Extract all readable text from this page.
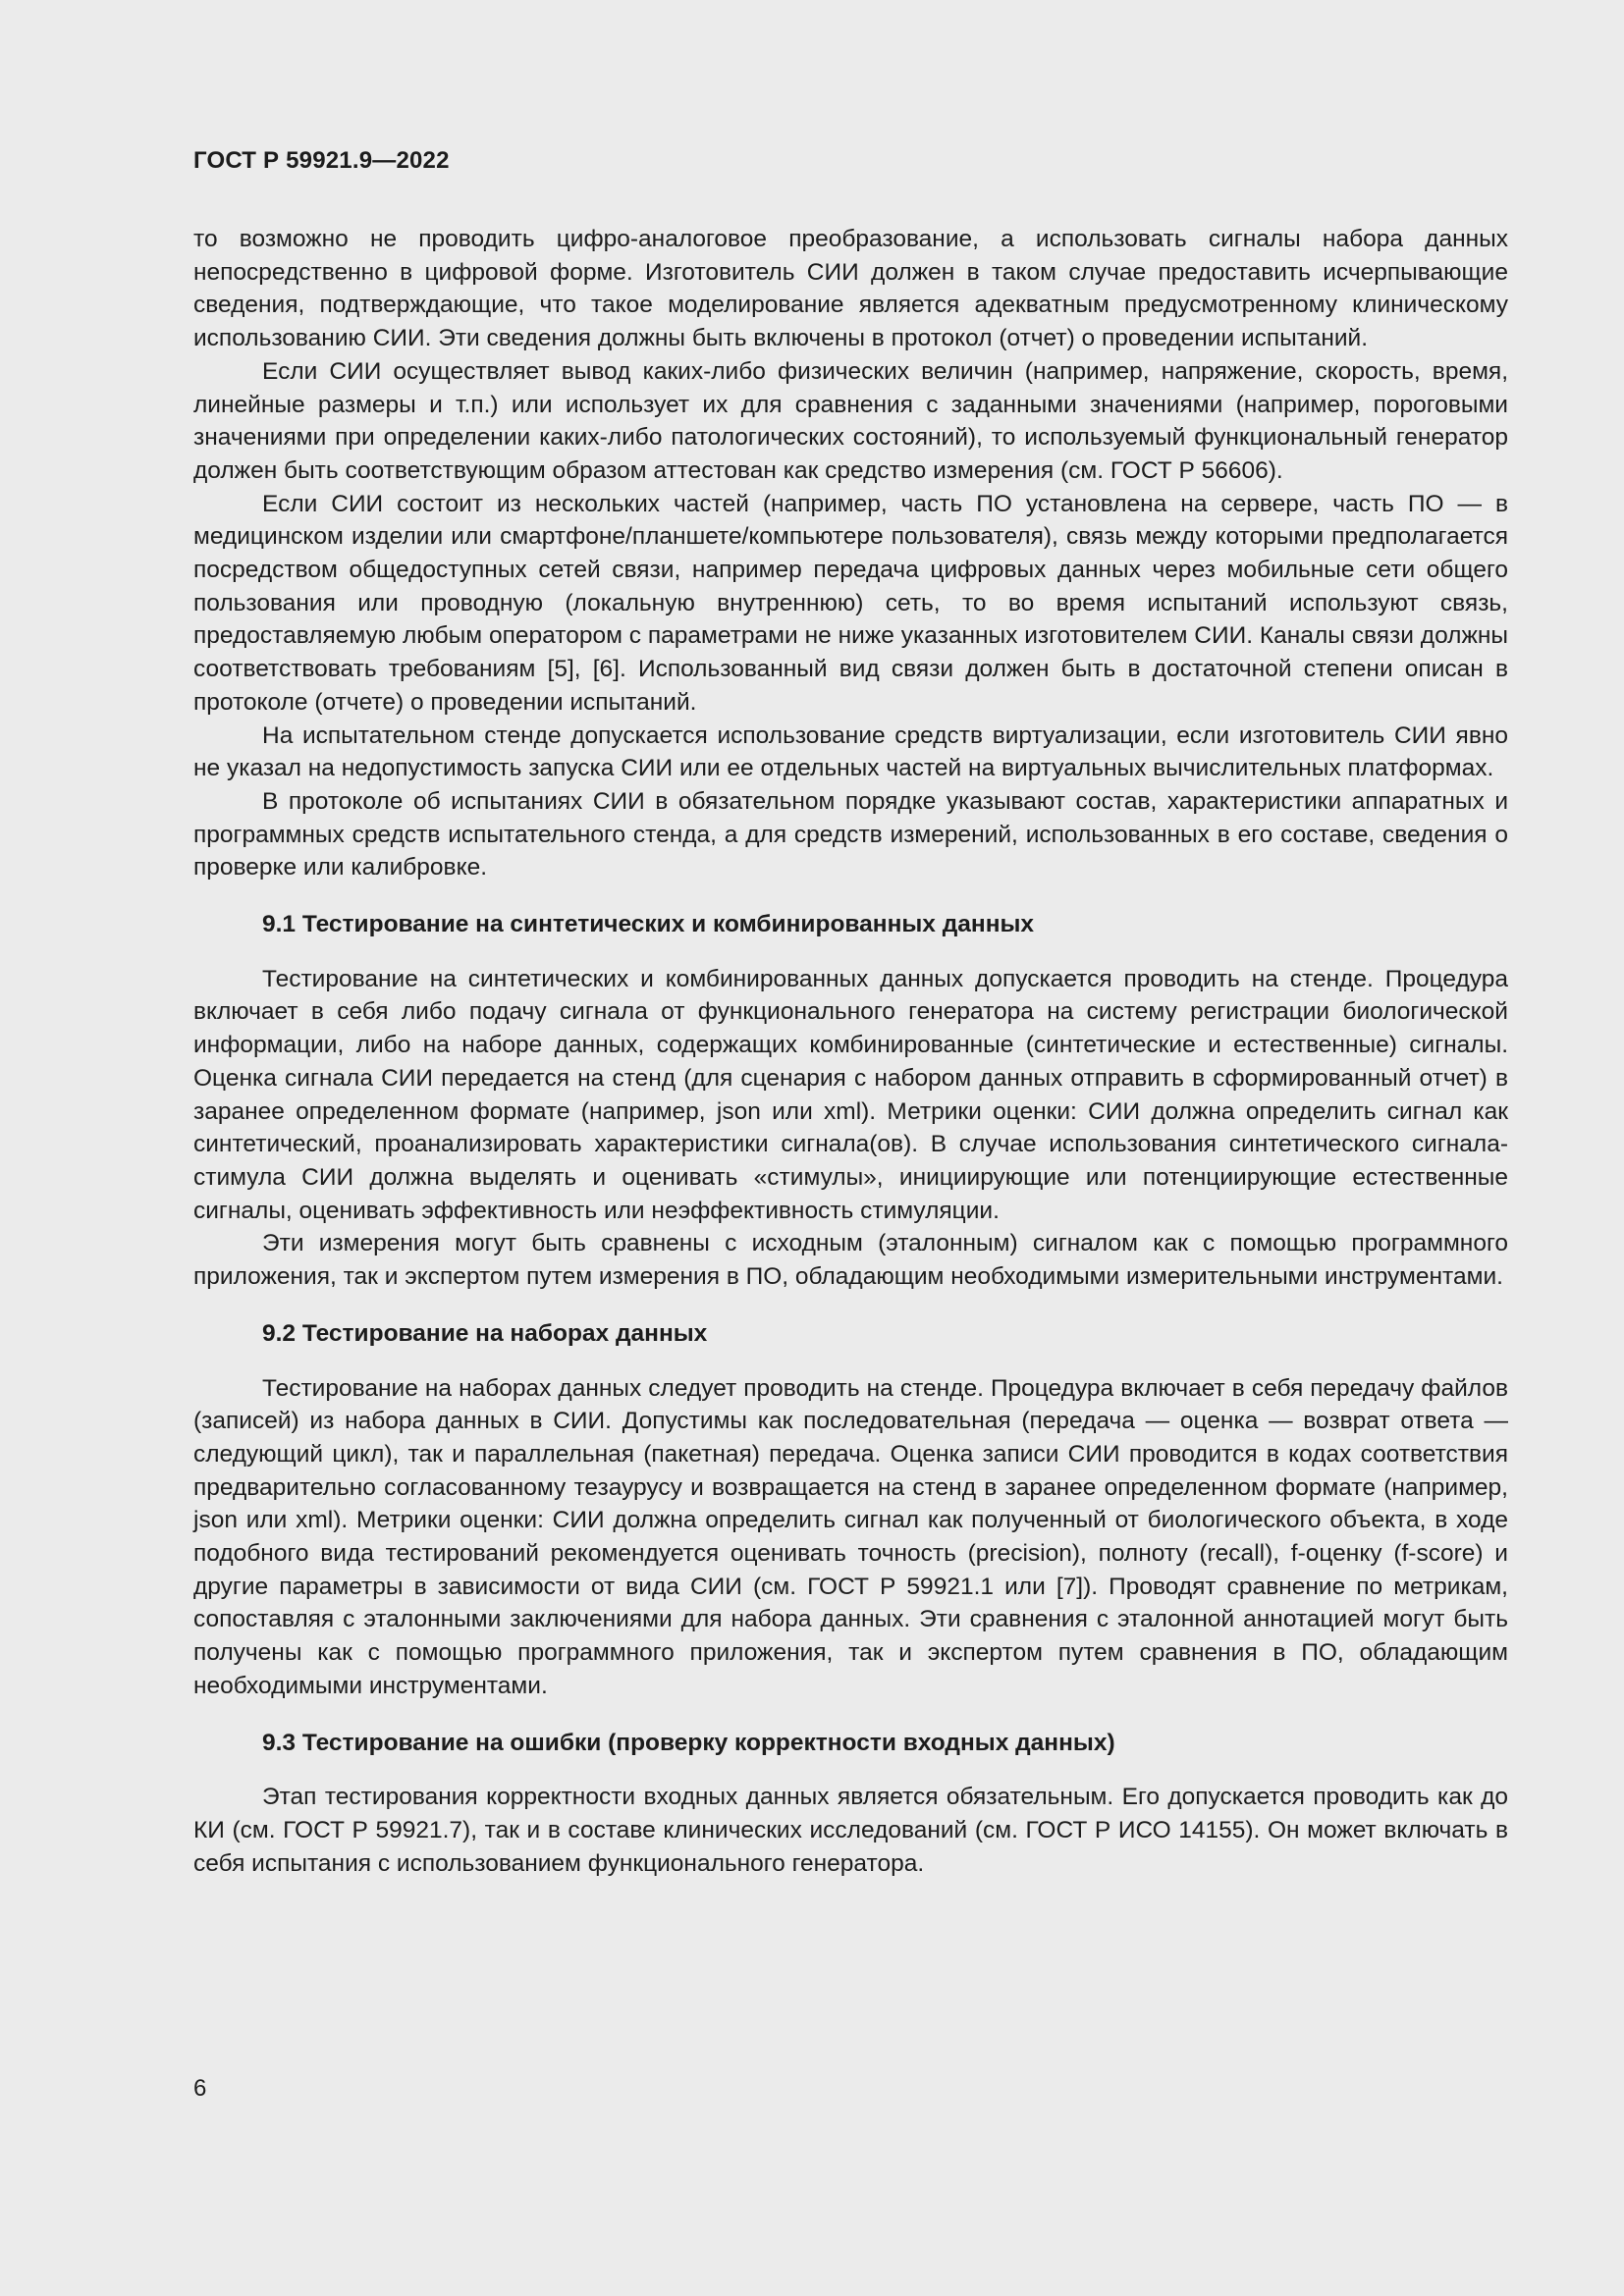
ГОСТ Р 59921.9—2022

то возможно не проводить цифро-аналоговое преобразование, а использовать сигналы набора данных непосредственно в цифровой форме. Изготовитель СИИ должен в таком случае предоставить исчерпывающие сведения, подтверждающие, что такое моделирование является адекватным предусмотренному клиническому использованию СИИ. Эти сведения должны быть включены в протокол (отчет) о проведении испытаний.

Если СИИ осуществляет вывод каких-либо физических величин (например, напряжение, скорость, время, линейные размеры и т.п.) или использует их для сравнения с заданными значениями (например, пороговыми значениями при определении каких-либо патологических состояний), то используемый функциональный генератор должен быть соответствующим образом аттестован как средство измерения (см. ГОСТ Р 56606).

Если СИИ состоит из нескольких частей (например, часть ПО установлена на сервере, часть ПО — в медицинском изделии или смартфоне/планшете/компьютере пользователя), связь между которыми предполагается посредством общедоступных сетей связи, например передача цифровых данных через мобильные сети общего пользования или проводную (локальную внутреннюю) сеть, то во время испытаний используют связь, предоставляемую любым оператором с параметрами не ниже указанных изготовителем СИИ. Каналы связи должны соответствовать требованиям [5], [6]. Использованный вид связи должен быть в достаточной степени описан в протоколе (отчете) о проведении испытаний.

На испытательном стенде допускается использование средств виртуализации, если изготовитель СИИ явно не указал на недопустимость запуска СИИ или ее отдельных частей на виртуальных вычислительных платформах.

В протоколе об испытаниях СИИ в обязательном порядке указывают состав, характеристики аппаратных и программных средств испытательного стенда, а для средств измерений, использованных в его составе, сведения о проверке или калибровке.

9.1 Тестирование на синтетических и комбинированных данных

Тестирование на синтетических и комбинированных данных допускается проводить на стенде. Процедура включает в себя либо подачу сигнала от функционального генератора на систему регистрации биологической информации, либо на наборе данных, содержащих комбинированные (синтетические и естественные) сигналы. Оценка сигнала СИИ передается на стенд (для сценария с набором данных отправить в сформированный отчет) в заранее определенном формате (например, json или xml). Метрики оценки: СИИ должна определить сигнал как синтетический, проанализировать характеристики сигнала(ов). В случае использования синтетического сигнала-стимула СИИ должна выделять и оценивать «стимулы», инициирующие или потенциирующие естественные сигналы, оценивать эффективность или неэффективность стимуляции.

Эти измерения могут быть сравнены с исходным (эталонным) сигналом как с помощью программного приложения, так и экспертом путем измерения в ПО, обладающим необходимыми измерительными инструментами.

9.2 Тестирование на наборах данных

Тестирование на наборах данных следует проводить на стенде. Процедура включает в себя передачу файлов (записей) из набора данных в СИИ. Допустимы как последовательная (передача — оценка — возврат ответа — следующий цикл), так и параллельная (пакетная) передача. Оценка записи СИИ проводится в кодах соответствия предварительно согласованному тезаурусу и возвращается на стенд в заранее определенном формате (например, json или xml). Метрики оценки: СИИ должна определить сигнал как полученный от биологического объекта, в ходе подобного вида тестирований рекомендуется оценивать точность (precision), полноту (recall), f-оценку (f-score) и другие параметры в зависимости от вида СИИ (см. ГОСТ Р 59921.1 или [7]). Проводят сравнение по метрикам, сопоставляя с эталонными заключениями для набора данных. Эти сравнения с эталонной аннотацией могут быть получены как с помощью программного приложения, так и экспертом путем сравнения в ПО, обладающим необходимыми инструментами.

9.3 Тестирование на ошибки (проверку корректности входных данных)

Этап тестирования корректности входных данных является обязательным. Его допускается проводить как до КИ (см. ГОСТ Р 59921.7), так и в составе клинических исследований (см. ГОСТ Р ИСО 14155). Он может включать в себя испытания с использованием функционального генератора.

6
